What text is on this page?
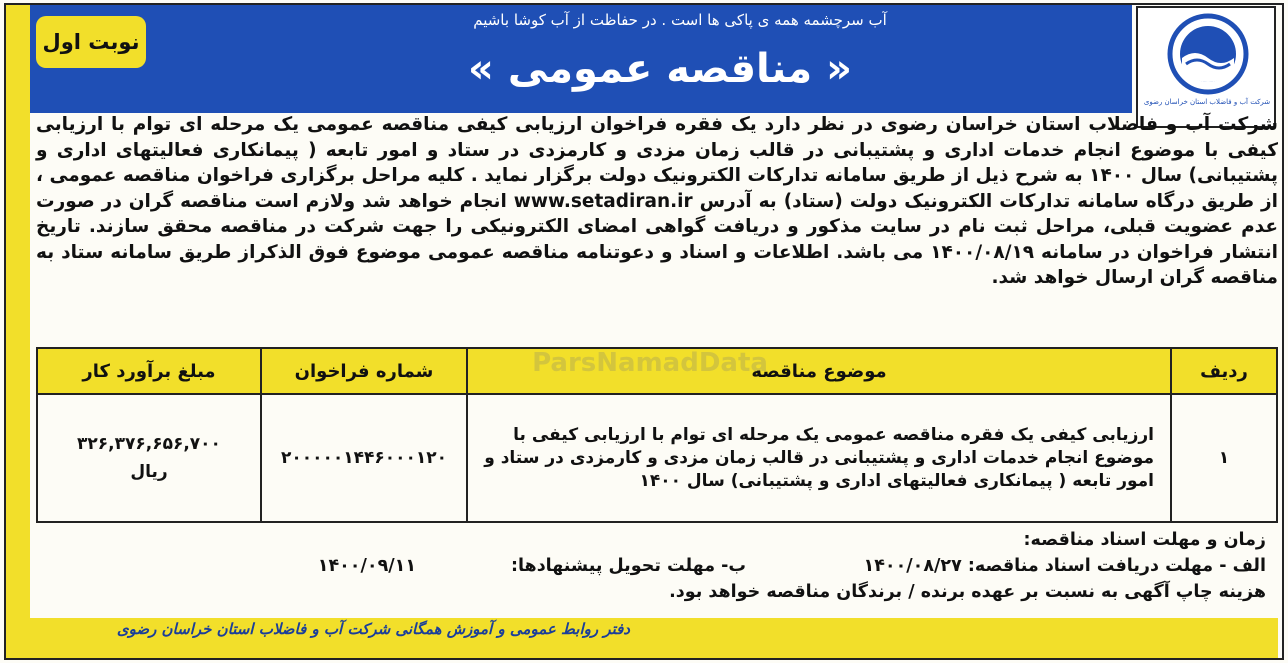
شرکت آب و فاضلاب استان خراسان رضوی
نوبت اول
آب سرچشمه همه ی پاکی ها است . در حفاظت از آب کوشا باشیم
« مناقصه عمومی »

شرکت آب و فاضلاب استان خراسان رضوی در نظر دارد یک فقره فراخوان ارزیابی کیفی مناقصه عمومی یک مرحله ای توام با ارزیابی کیفی با موضوع انجام خدمات اداری و پشتیبانی در قالب زمان مزدی و کارمزدی در ستاد و امور تابعه ( پیمانکاری فعالیتهای اداری و پشتیبانی) سال ۱۴۰۰ به شرح ذیل از طریق سامانه تدارکات الکترونیک دولت برگزار نماید . کلیه مراحل برگزاری فراخوان مناقصه عمومی ، از طریق درگاه سامانه تدارکات الکترونیک دولت (ستاد) به آدرس www.setadiran.ir انجام خواهد شد ولازم است مناقصه گران در صورت عدم عضویت قبلی، مراحل ثبت نام در سایت مذکور و دریافت گواهی امضای الکترونیکی را جهت شرکت در مناقصه محقق سازند. تاریخ انتشار فراخوان در سامانه ۱۴۰۰/۰۸/۱۹ می باشد. اطلاعات و اسناد و دعوتنامه مناقصه عمومی موضوع فوق الذکراز طریق سامانه ستاد به مناقصه گران ارسال خواهد شد.

ردیف	موضوع مناقصه	شماره فراخوان	مبلغ برآورد کار
۱	ارزیابی کیفی یک فقره مناقصه عمومی یک مرحله ای توام با ارزیابی کیفی با موضوع انجام خدمات اداری و پشتیبانی در قالب زمان مزدی و کارمزدی در ستاد و امور تابعه ( پیمانکاری فعالیتهای اداری و پشتیبانی) سال ۱۴۰۰	۲۰۰۰۰۰۱۴۴۶۰۰۰۱۲۰	۳۲۶,۳۷۶,۶۵۶,۷۰۰
ریال
ParsNamadData
زمان و مهلت اسناد مناقصه:
الف - مهلت دریافت اسناد مناقصه: ۱۴۰۰/۰۸/۲۷
ب- مهلت تحویل پیشنهادها:
۱۴۰۰/۰۹/۱۱
هزینه چاپ آگهی به نسبت بر عهده برنده / برندگان مناقصه خواهد بود.
دفتر روابط عمومی و آموزش همگانی شرکت آب و فاضلاب استان خراسان رضوی
